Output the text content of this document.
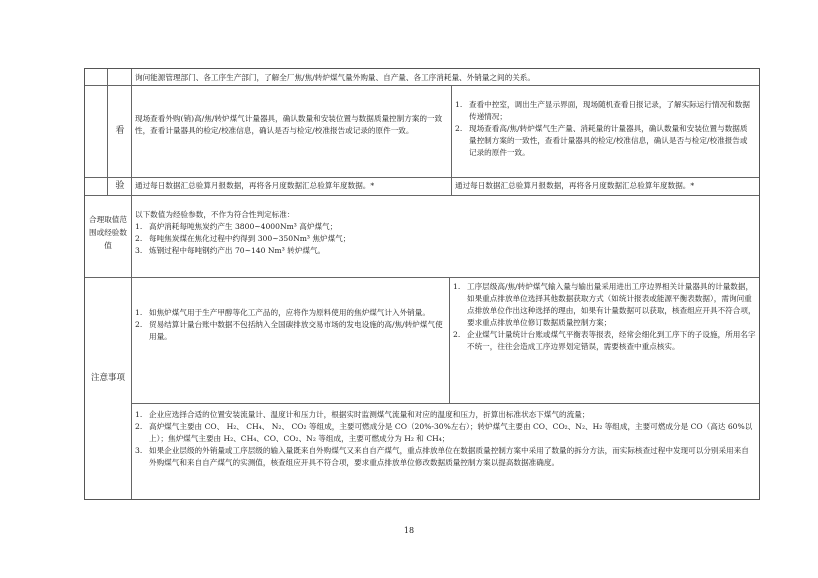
询问能源管理部门、各工序生产部门，了解全厂焦/焦/转炉煤气量外购量、自产量、各工序消耗量、外销量之间的关系。
看
现场查看外购(销)高/焦/转炉煤气计量器具，确认数量和安装位置与数据质量控制方案的一致性，查看计量器具的检定/校准信息，确认是否与检定/校准报告或记录的原件一致。
1. 查看中控室，调出生产显示界面，现场随机查看日报记录，了解实际运行情况和数据传递情况；
2. 现场查看高/焦/转炉煤气生产量、消耗量的计量器具，确认数量和安装位置与数据质量控制方案的一致性，查看计量器具的检定/校准信息，确认是否与检定/校准报告或记录的原件一致。
验	通过每日数据汇总验算月报数据，再将各月度数据汇总验算年度数据。*	通过每日数据汇总验算月报数据，再将各月度数据汇总验算年度数据。*
合理取值范围或经验数值
以下数值为经验参数，不作为符合性判定标准：
1. 高炉消耗每吨焦炭约产生 3800~4000Nm³ 高炉煤气；
2. 每吨焦炭煤在焦化过程中约得到 300~350Nm³ 焦炉煤气；
3. 炼钢过程中每吨钢约产出 70~140 Nm³ 转炉煤气。
注意事项
1. 如焦炉煤气用于生产甲醇等化工产品的，应将作为原料使用的焦炉煤气计入外销量。
2. 贸易结算计量台账中数据不包括纳入全国碳排放交易市场的发电设施的高/焦/转炉煤气使用量。
1. 工序层级高/焦/转炉煤气输入量与输出量采用进出工序边界相关计量器具的计量数据，如果重点排放单位选择其他数据获取方式（如统计报表或能源平衡表数据），需询问重点排放单位作出这种选择的理由，如果有计量数据可以获取，核查组应开具不符合项，要求重点排放单位修订数据质量控制方案；
2. 企业煤气计量统计台账或煤气平衡表等报表，经常会细化到工序下的子设施，所用名字不统一，往往会造成工序边界划定错误，需要核查中重点核实。
1. 企业应选择合适的位置安装流量计、温度计和压力计，根据实时监测煤气流量和对应的温度和压力，折算出标准状态下煤气的流量；
2. 高炉煤气主要由 CO、 H₂、 CH₄、 N₂、 CO₂ 等组成，主要可燃成分是 CO（20%-30%左右）；转炉煤气主要由 CO、CO₂、N₂、H₂ 等组成，主要可燃成分是 CO（高达 60%以上）；焦炉煤气主要由 H₂、CH₄、CO、CO₂、N₂ 等组成，主要可燃成分为 H₂ 和 CH₄；
3. 如果企业层级的外销量或工序层级的输入量既来自外购煤气又来自自产煤气，重点排放单位在数据质量控制方案中采用了数量的拆分方法，而实际核查过程中发现可以分别采用来自外购煤气和来自自产煤气的实测值，核查组应开具不符合项，要求重点排放单位修改数据质量控制方案以提高数据准确度。
18
